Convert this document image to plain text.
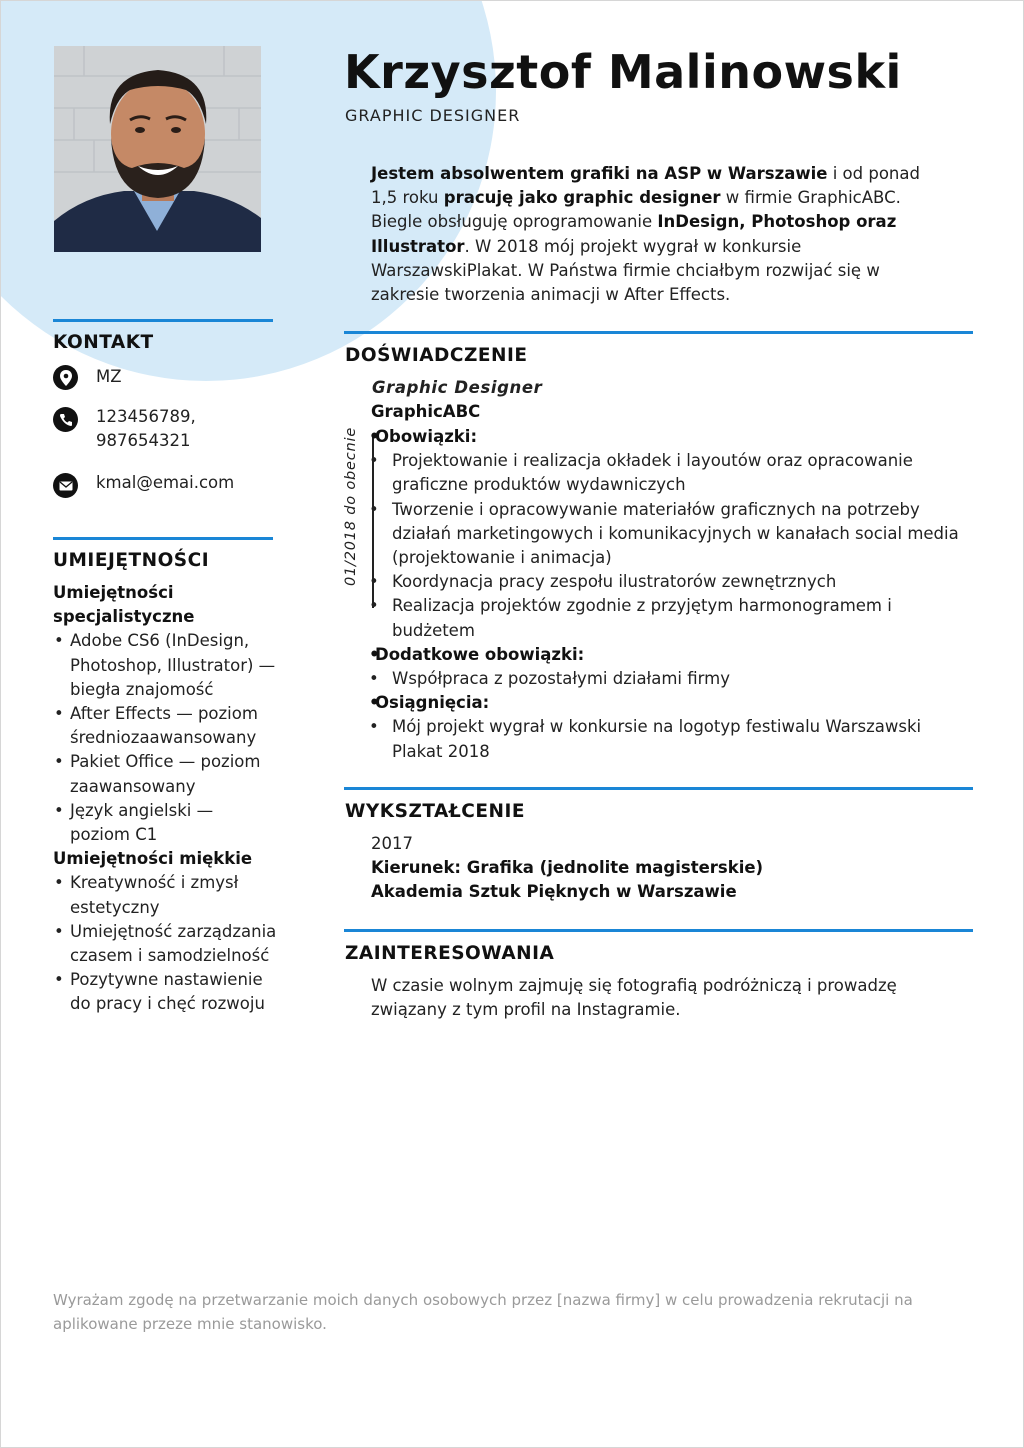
Krzysztof Malinowski
GRAPHIC DESIGNER
Jestem absolwentem grafiki na ASP w Warszawie i od ponad 1,5 roku pracuję jako graphic designer w firmie GraphicABC. Biegle obsługuję oprogramowanie InDesign, Photoshop oraz Illustrator. W 2018 mój projekt wygrał w konkursie WarszawskiPlakat. W Państwa firmie chciałbym rozwijać się w zakresie tworzenia animacji w After Effects.
KONTAKT
MZ
123456789,
987654321
kmal@emai.com
UMIEJĘTNOŚCI
Umiejętności specjalistyczne
• Adobe CS6 (InDesign, Photoshop, Illustrator) — biegła znajomość
• After Effects — poziom średniozaawansowany
• Pakiet Office — poziom zaawansowany
• Język angielski — poziom C1
Umiejętności miękkie
• Kreatywność i zmysł estetyczny
• Umiejętność zarządzania czasem i samodzielność
• Pozytywne nastawienie do pracy i chęć rozwoju
DOŚWIADCZENIE
Graphic Designer
GraphicABC
01/2018 do obecnie
• Obowiązki:
• Projektowanie i realizacja okładek i layoutów oraz opracowanie graficzne produktów wydawniczych
• Tworzenie i opracowywanie materiałów graficznych na potrzeby działań marketingowych i komunikacyjnych w kanałach social media (projektowanie i animacja)
• Koordynacja pracy zespołu ilustratorów zewnętrznych
• Realizacja projektów zgodnie z przyjętym harmonogramem i budżetem
• Dodatkowe obowiązki:
• Współpraca z pozostałymi działami firmy
• Osiągnięcia:
• Mój projekt wygrał w konkursie na logotyp festiwalu Warszawski Plakat 2018
WYKSZTAŁCENIE
2017
Kierunek: Grafika (jednolite magisterskie)
Akademia Sztuk Pięknych w Warszawie
ZAINTERESOWANIA
W czasie wolnym zajmuję się fotografią podróżniczą i prowadzę związany z tym profil na Instagramie.
Wyrażam zgodę na przetwarzanie moich danych osobowych przez [nazwa firmy] w celu prowadzenia rekrutacji na aplikowane przeze mnie stanowisko.
